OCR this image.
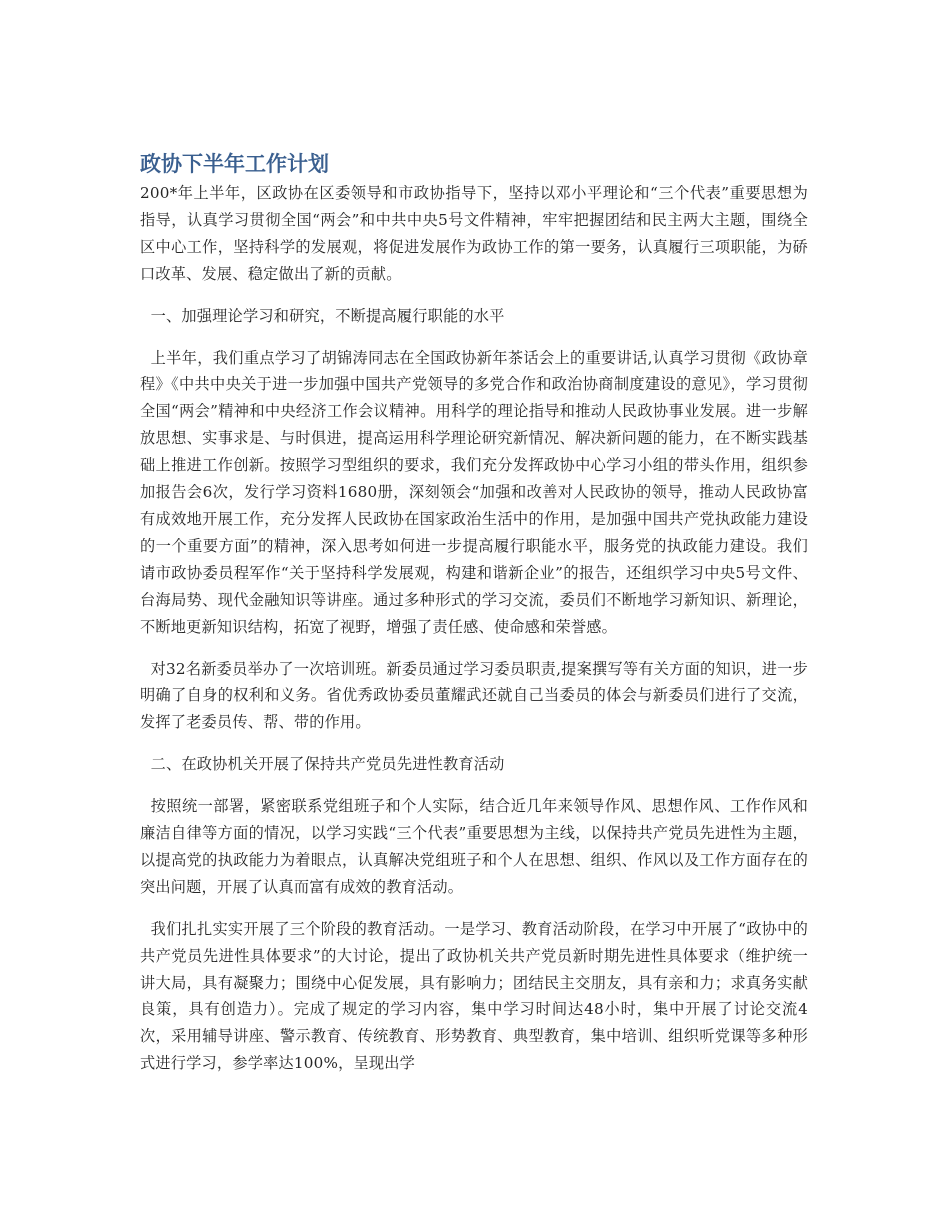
政协下半年工作计划

200*年上半年，区政协在区委领导和市政协指导下，坚持以邓小平理论和“三个代表”重要思想为指导，认真学习贯彻全国“两会”和中共中央5号文件精神，牢牢把握团结和民主两大主题，围绕全区中心工作，坚持科学的发展观，将促进发展作为政协工作的第一要务，认真履行三项职能，为硚口改革、发展、稳定做出了新的贡献。

一、加强理论学习和研究，不断提高履行职能的水平

上半年，我们重点学习了胡锦涛同志在全国政协新年茶话会上的重要讲话,认真学习贯彻《政协章程》《中共中央关于进一步加强中国共产党领导的多党合作和政治协商制度建设的意见》，学习贯彻全国“两会”精神和中央经济工作会议精神。用科学的理论指导和推动人民政协事业发展。进一步解放思想、实事求是、与时俱进，提高运用科学理论研究新情况、解决新问题的能力，在不断实践基础上推进工作创新。按照学习型组织的要求，我们充分发挥政协中心学习小组的带头作用，组织参加报告会6次，发行学习资料1680册，深刻领会“加强和改善对人民政协的领导，推动人民政协富有成效地开展工作，充分发挥人民政协在国家政治生活中的作用，是加强中国共产党执政能力建设的一个重要方面”的精神，深入思考如何进一步提高履行职能水平，服务党的执政能力建设。我们请市政协委员程军作“关于坚持科学发展观，构建和谐新企业”的报告，还组织学习中央5号文件、台海局势、现代金融知识等讲座。通过多种形式的学习交流，委员们不断地学习新知识、新理论，不断地更新知识结构，拓宽了视野，增强了责任感、使命感和荣誉感。

对32名新委员举办了一次培训班。新委员通过学习委员职责,提案撰写等有关方面的知识，进一步明确了自身的权利和义务。省优秀政协委员董耀武还就自己当委员的体会与新委员们进行了交流，发挥了老委员传、帮、带的作用。

二、在政协机关开展了保持共产党员先进性教育活动

按照统一部署，紧密联系党组班子和个人实际，结合近几年来领导作风、思想作风、工作作风和廉洁自律等方面的情况，以学习实践“三个代表”重要思想为主线，以保持共产党员先进性为主题，以提高党的执政能力为着眼点，认真解决党组班子和个人在思想、组织、作风以及工作方面存在的突出问题，开展了认真而富有成效的教育活动。

我们扎扎实实开展了三个阶段的教育活动。一是学习、教育活动阶段，在学习中开展了“政协中的共产党员先进性具体要求”的大讨论，提出了政协机关共产党员新时期先进性具体要求（维护统一讲大局，具有凝聚力；围绕中心促发展，具有影响力；团结民主交朋友，具有亲和力；求真务实献良策，具有创造力）。完成了规定的学习内容，集中学习时间达48小时，集中开展了讨论交流4次，采用辅导讲座、警示教育、传统教育、形势教育、典型教育，集中培训、组织听党课等多种形式进行学习，参学率达100%，呈现出学
